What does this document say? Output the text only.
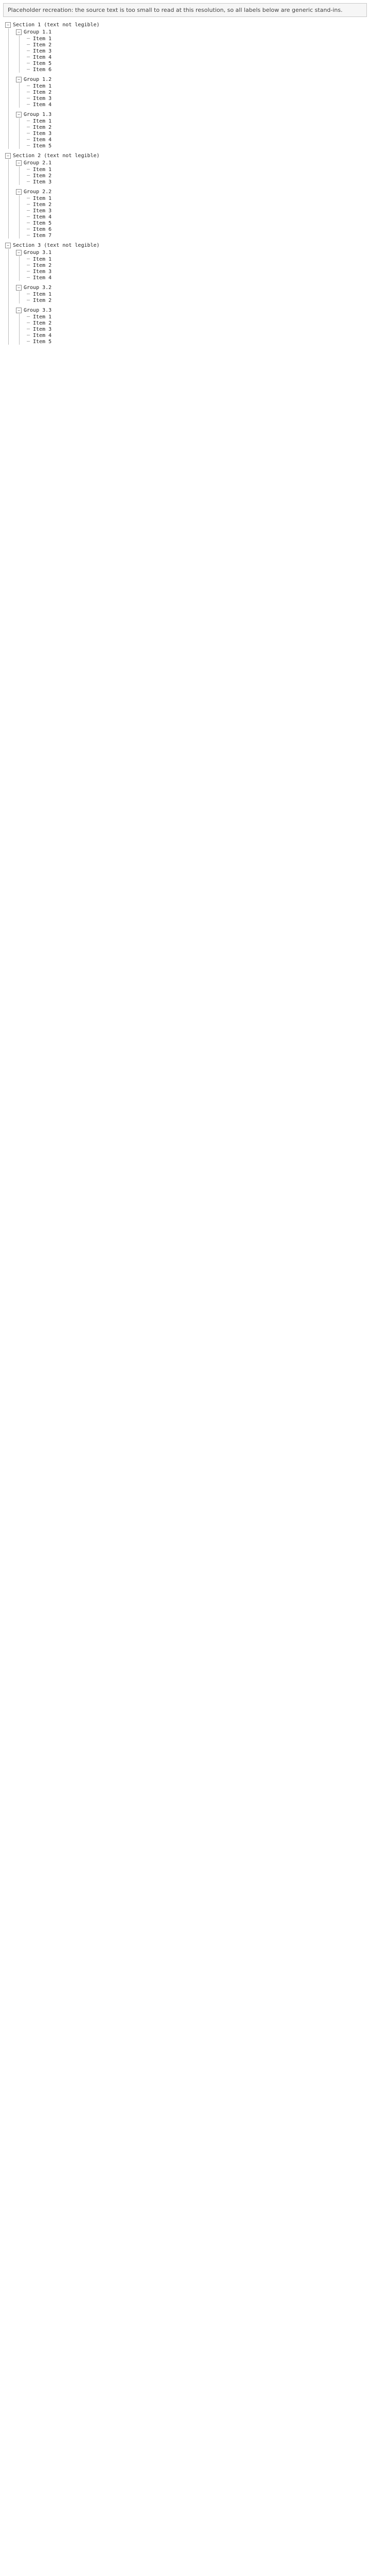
Placeholder recreation: the source text is too small to read at this resolution, so all labels below are generic stand-ins.
− Section 1 (text not legible)
− Group 1.1
─ Item 1
─ Item 2
─ Item 3
─ Item 4
─ Item 5
─ Item 6
− Group 1.2
─ Item 1
─ Item 2
─ Item 3
─ Item 4
− Group 1.3
─ Item 1
─ Item 2
─ Item 3
─ Item 4
─ Item 5
− Section 2 (text not legible)
− Group 2.1
─ Item 1
─ Item 2
─ Item 3
− Group 2.2
─ Item 1
─ Item 2
─ Item 3
─ Item 4
─ Item 5
─ Item 6
─ Item 7
− Section 3 (text not legible)
− Group 3.1
─ Item 1
─ Item 2
─ Item 3
─ Item 4
− Group 3.2
─ Item 1
─ Item 2
− Group 3.3
─ Item 1
─ Item 2
─ Item 3
─ Item 4
─ Item 5
